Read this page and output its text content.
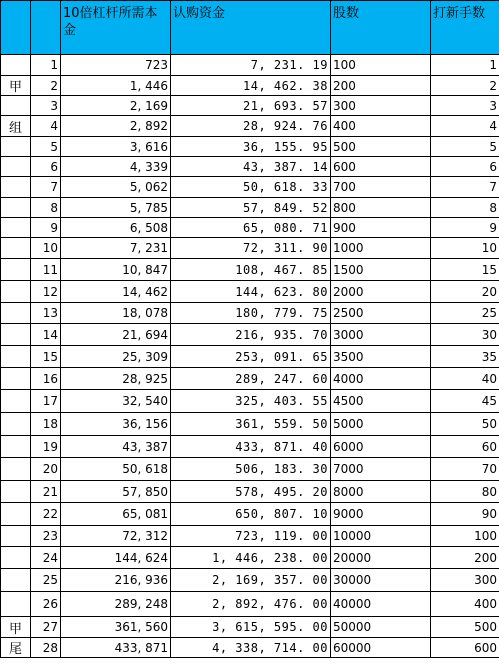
		10倍杠杆所需本金	认购资金	股数	打新手数
	1	723	7, 231. 19	100	1
甲	2	1, 446	14, 462. 38	200	2
	3	2, 169	21, 693. 57	300	3
组	4	2, 892	28, 924. 76	400	4
	5	3, 616	36, 155. 95	500	5
	6	4, 339	43, 387. 14	600	6
	7	5, 062	50, 618. 33	700	7
	8	5, 785	57, 849. 52	800	8
	9	6, 508	65, 080. 71	900	9
	10	7, 231	72, 311. 90	1000	10
	11	10, 847	108, 467. 85	1500	15
	12	14, 462	144, 623. 80	2000	20
	13	18, 078	180, 779. 75	2500	25
	14	21, 694	216, 935. 70	3000	30
	15	25, 309	253, 091. 65	3500	35
	16	28, 925	289, 247. 60	4000	40
	17	32, 540	325, 403. 55	4500	45
	18	36, 156	361, 559. 50	5000	50
	19	43, 387	433, 871. 40	6000	60
	20	50, 618	506, 183. 30	7000	70
	21	57, 850	578, 495. 20	8000	80
	22	65, 081	650, 807. 10	9000	90
	23	72, 312	723, 119. 00	10000	100
	24	144, 624	1, 446, 238. 00	20000	200
	25	216, 936	2, 169, 357. 00	30000	300
	26	289, 248	2, 892, 476. 00	40000	400
甲	27	361, 560	3, 615, 595. 00	50000	500
尾	28	433, 871	4, 338, 714. 00	60000	600
